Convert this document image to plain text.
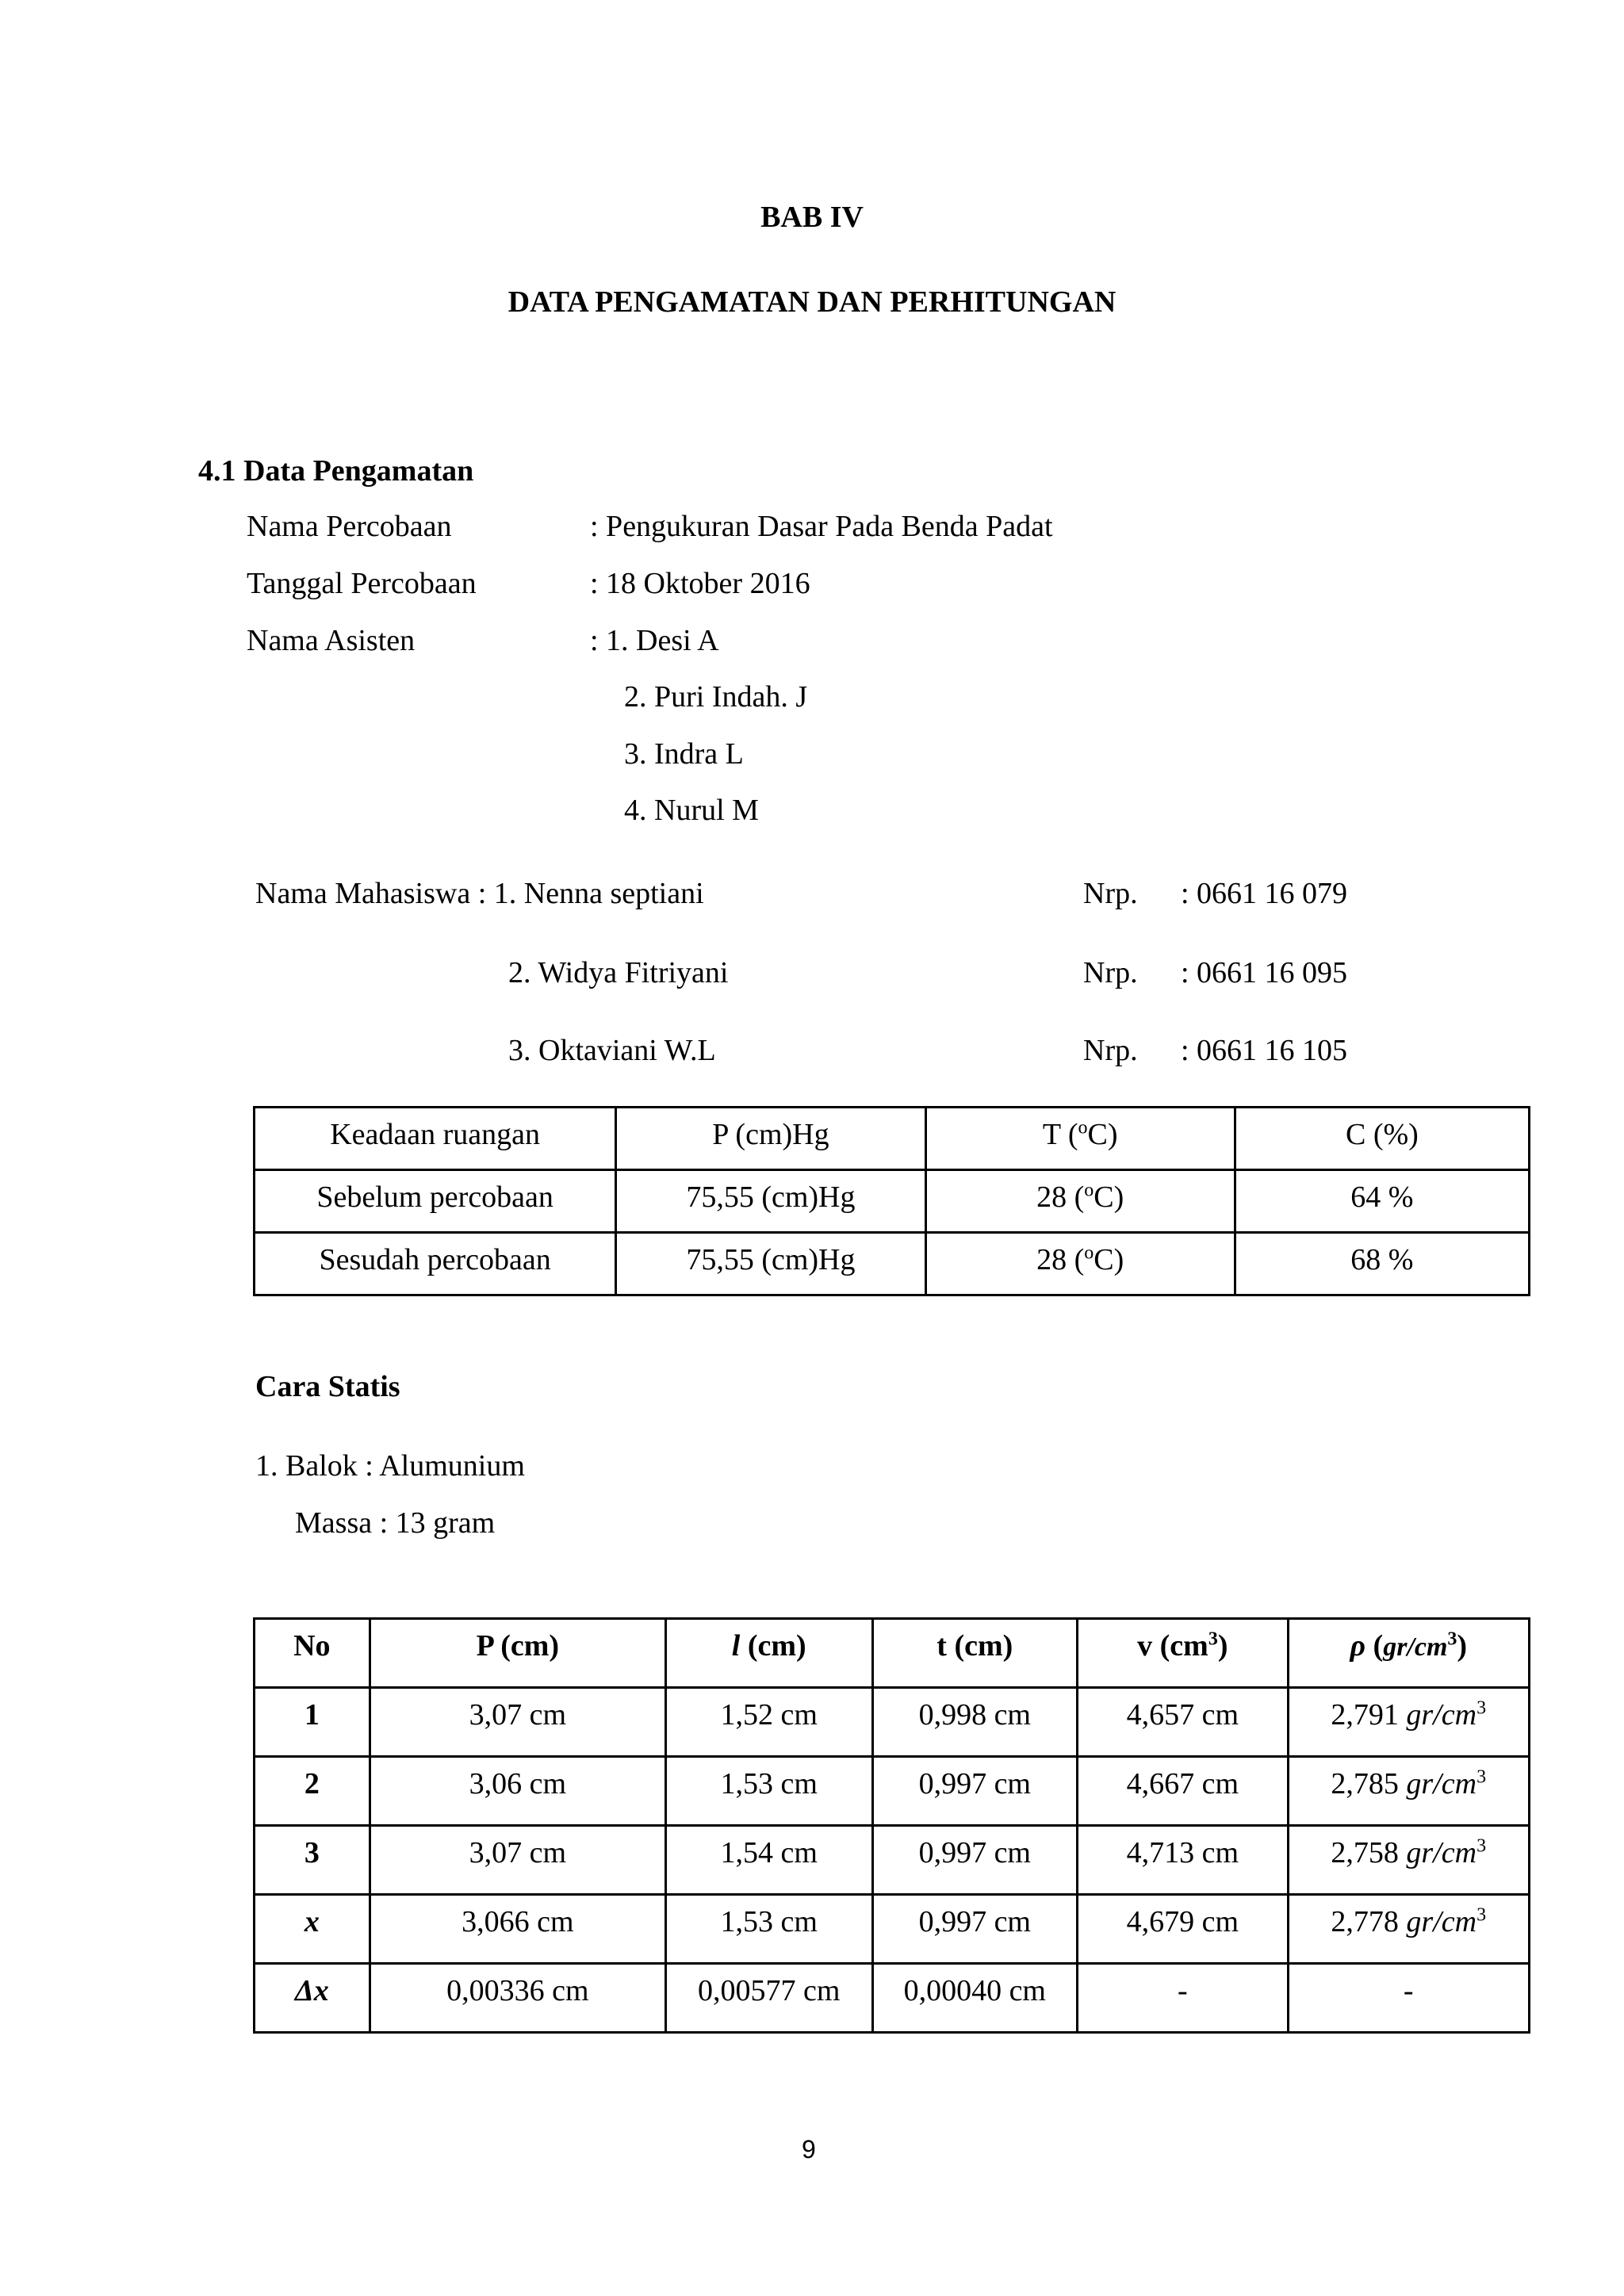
BAB IV
DATA PENGAMATAN DAN PERHITUNGAN
4.1 Data Pengamatan
Nama Percobaan	: Pengukuran Dasar Pada Benda Padat
Tanggal Percobaan	: 18 Oktober 2016
Nama Asisten	: 1. Desi A
2. Puri Indah. J
3. Indra L
4. Nurul M
Nama Mahasiswa : 1. Nenna septiani	Nrp. : 0661 16 079
2. Widya Fitriyani	Nrp. : 0661 16 095
3. Oktaviani W.L	Nrp. : 0661 16 105
Keadaan ruangan	P (cm)Hg	T ($^o$C)	C (%)
Sebelum percobaan	75,55 (cm)Hg	28 ($^o$C)	64 %
Sesudah percobaan	75,55 (cm)Hg	28 ($^o$C)	68 %
Cara Statis
1. Balok : Alumunium
Massa : 13 gram
No	P (cm)	l (cm)	t (cm)	v $(cm^3)$	ρ $(gr/cm^3)$
1	3,07 cm	1,52 cm	0,998 cm	4,657 cm	2,791 $gr/cm^3$
2	3,06 cm	1,53 cm	0,997 cm	4,667 cm	2,785 $gr/cm^3$
3	3,07 cm	1,54 cm	0,997 cm	4,713 cm	2,758 $gr/cm^3$
x	3,066 cm	1,53 cm	0,997 cm	4,679 cm	2,778 $gr/cm^3$
Δx	0,00336 cm	0,00577 cm	0,00040 cm	-	-
9
